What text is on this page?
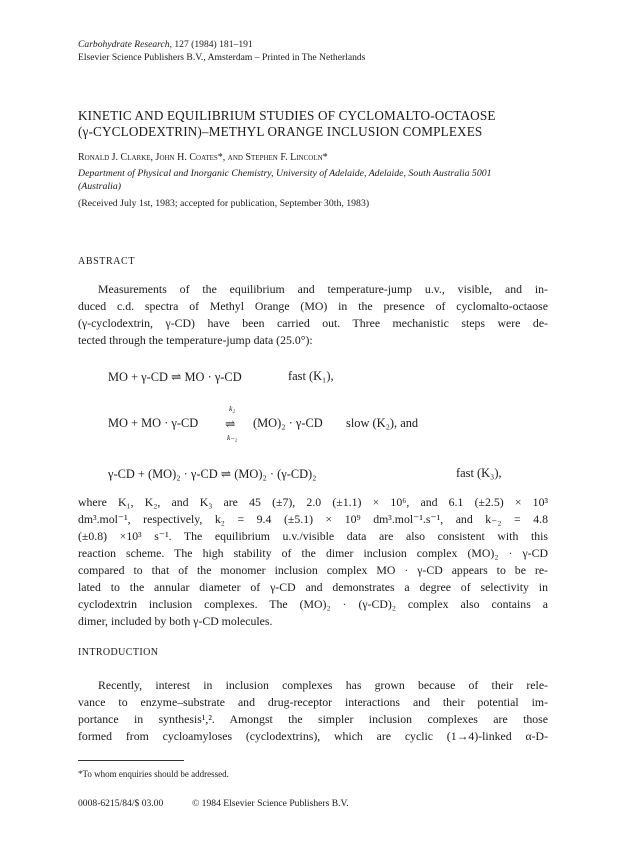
Carbohydrate Research, 127 (1984) 181–191
Elsevier Science Publishers B.V., Amsterdam – Printed in The Netherlands
KINETIC AND EQUILIBRIUM STUDIES OF CYCLOMALTO-OCTAOSE
(γ-CYCLODEXTRIN)–METHYL ORANGE INCLUSION COMPLEXES
Ronald J. Clarke, John H. Coates*, and Stephen F. Lincoln*
Department of Physical and Inorganic Chemistry, University of Adelaide, Adelaide, South Australia 5001
(Australia)
(Received July 1st, 1983; accepted for publication, September 30th, 1983)
ABSTRACT
Measurements of the equilibrium and temperature-jump u.v., visible, and in-
duced c.d. spectra of Methyl Orange (MO) in the presence of cyclomalto-octaose
(γ-cyclodextrin, γ-CD) have been carried out. Three mechanistic steps were de-
tected through the temperature-jump data (25.0°):
MO + γ-CD ⇌ MO · γ-CD	fast (K₁),
MO + MO · γ-CD
k₂
⇌
k₋₂
(MO)₂ · γ-CD slow (K₂), and
γ-CD + (MO)₂ · γ-CD ⇌ (MO)₂ · (γ-CD)₂	fast (K₃),
where K₁, K₂, and K₃ are 45 (±7), 2.0 (±1.1) × 10⁶, and 6.1 (±2.5) × 10³
dm³.mol⁻¹, respectively, k₂ = 9.4 (±5.1) × 10⁹ dm³.mol⁻¹.s⁻¹, and k₋₂ = 4.8
(±0.8) ×10³ s⁻¹. The equilibrium u.v./visible data are also consistent with this
reaction scheme. The high stability of the dimer inclusion complex (MO)₂ · γ-CD
compared to that of the monomer inclusion complex MO · γ-CD appears to be re-
lated to the annular diameter of γ-CD and demonstrates a degree of selectivity in
cyclodextrin inclusion complexes. The (MO)₂ · (γ-CD)₂ complex also contains a
dimer, included by both γ-CD molecules.
INTRODUCTION
Recently, interest in inclusion complexes has grown because of their rele-
vance to enzyme–substrate and drug-receptor interactions and their potential im-
portance in synthesis¹,². Amongst the simpler inclusion complexes are those
formed from cycloamyloses (cyclodextrins), which are cyclic (1→4)-linked α-D-
*To whom enquiries should be addressed.
0008-6215/84/$ 03.00	© 1984 Elsevier Science Publishers B.V.
